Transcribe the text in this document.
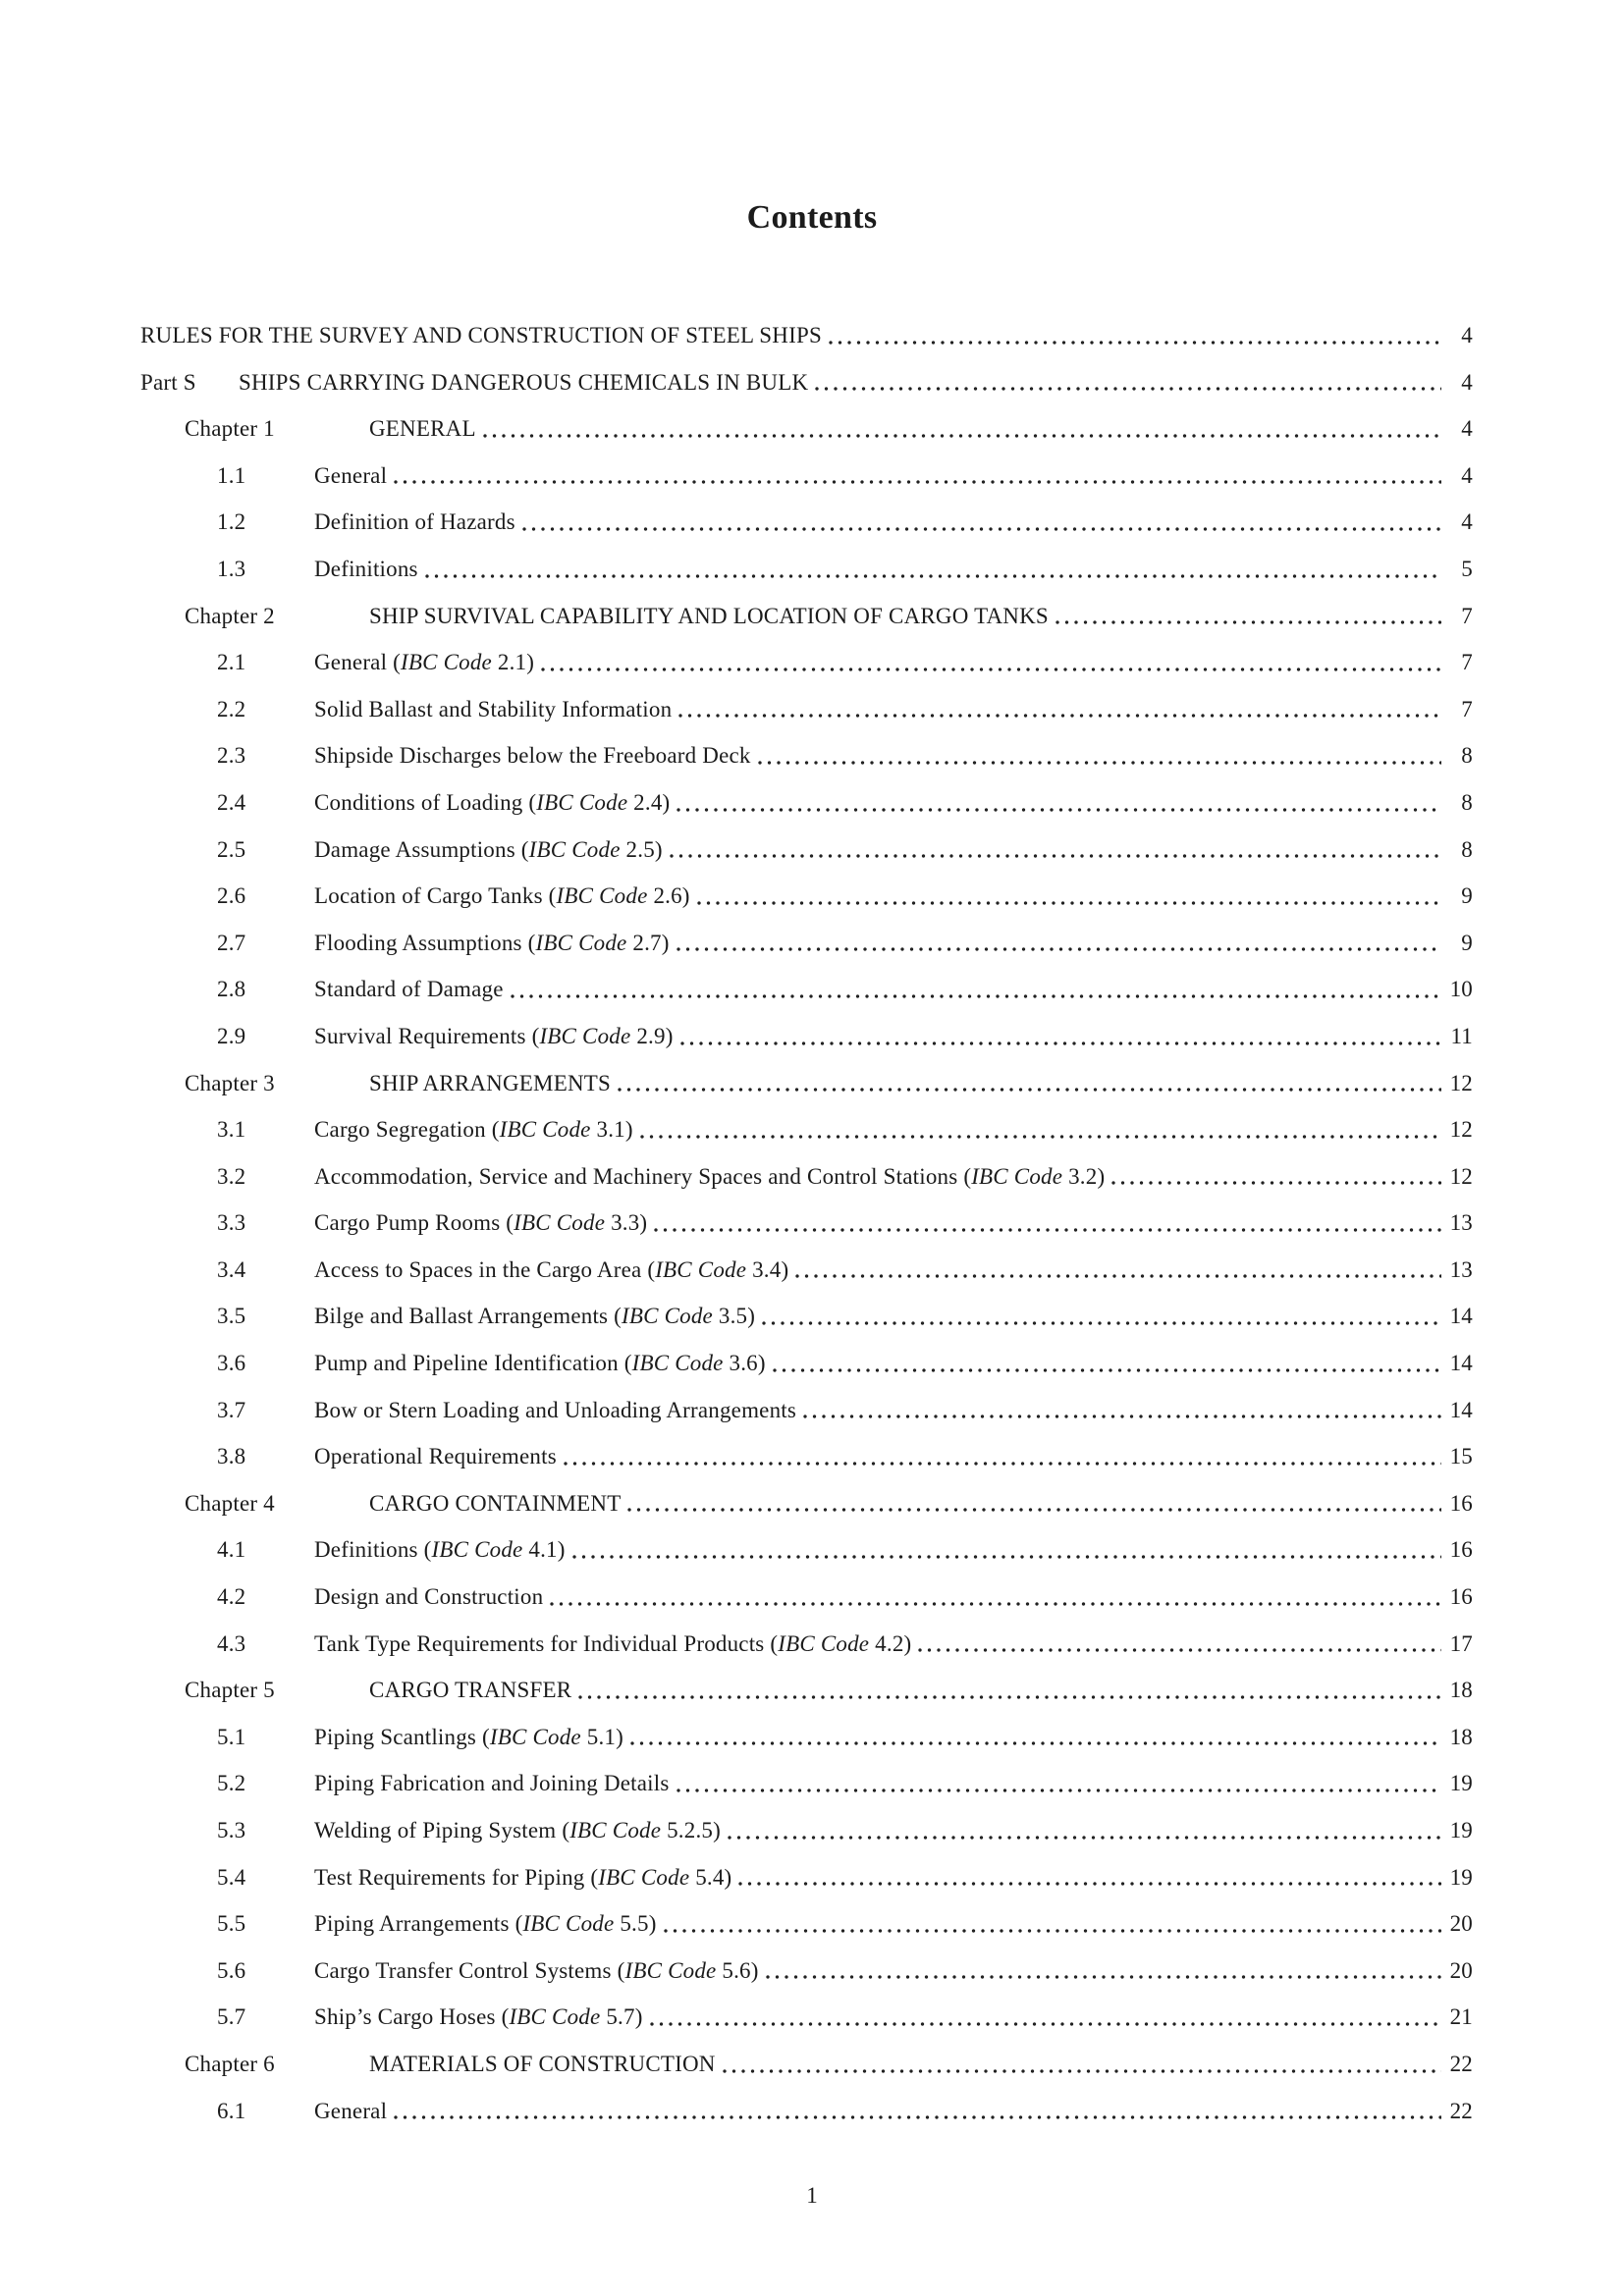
Contents
RULES FOR THE SURVEY AND CONSTRUCTION OF STEEL SHIPS	4
Part S	SHIPS CARRYING DANGEROUS CHEMICALS IN BULK	4
Chapter 1	GENERAL	4
1.1	General	4
1.2	Definition of Hazards	4
1.3	Definitions	5
Chapter 2	SHIP SURVIVAL CAPABILITY AND LOCATION OF CARGO TANKS	7
2.1	General (IBC Code 2.1)	7
2.2	Solid Ballast and Stability Information	7
2.3	Shipside Discharges below the Freeboard Deck	8
2.4	Conditions of Loading (IBC Code 2.4)	8
2.5	Damage Assumptions (IBC Code 2.5)	8
2.6	Location of Cargo Tanks (IBC Code 2.6)	9
2.7	Flooding Assumptions (IBC Code 2.7)	9
2.8	Standard of Damage	10
2.9	Survival Requirements (IBC Code 2.9)	11
Chapter 3	SHIP ARRANGEMENTS	12
3.1	Cargo Segregation (IBC Code 3.1)	12
3.2	Accommodation, Service and Machinery Spaces and Control Stations (IBC Code 3.2)	12
3.3	Cargo Pump Rooms (IBC Code 3.3)	13
3.4	Access to Spaces in the Cargo Area (IBC Code 3.4)	13
3.5	Bilge and Ballast Arrangements (IBC Code 3.5)	14
3.6	Pump and Pipeline Identification (IBC Code 3.6)	14
3.7	Bow or Stern Loading and Unloading Arrangements	14
3.8	Operational Requirements	15
Chapter 4	CARGO CONTAINMENT	16
4.1	Definitions (IBC Code 4.1)	16
4.2	Design and Construction	16
4.3	Tank Type Requirements for Individual Products (IBC Code 4.2)	17
Chapter 5	CARGO TRANSFER	18
5.1	Piping Scantlings (IBC Code 5.1)	18
5.2	Piping Fabrication and Joining Details	19
5.3	Welding of Piping System (IBC Code 5.2.5)	19
5.4	Test Requirements for Piping (IBC Code 5.4)	19
5.5	Piping Arrangements (IBC Code 5.5)	20
5.6	Cargo Transfer Control Systems (IBC Code 5.6)	20
5.7	Ship’s Cargo Hoses (IBC Code 5.7)	21
Chapter 6	MATERIALS OF CONSTRUCTION	22
6.1	General	22
1
